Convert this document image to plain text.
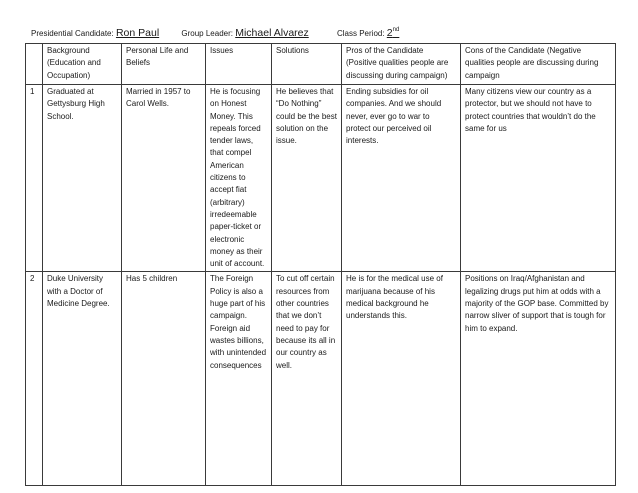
Presidential Candidate: Ron Paul	Group Leader: Michael Alvarez	Class Period: 2nd
	Background (Education and Occupation)	Personal Life and Beliefs	Issues	Solutions	Pros of the Candidate (Positive qualities people are discussing during campaign)	Cons of the Candidate (Negative qualities people are discussing during campaign
1	Graduated at Gettysburg High School.	Married in 1957 to Carol Wells.	He is focusing on Honest Money. This repeals forced tender laws, that compel American citizens to accept fiat (arbitrary) irredeemable paper-ticket or electronic money as their unit of account.	He believes that “Do Nothing” could be the best solution on the issue.	Ending subsidies for oil companies. And we should never, ever go to war to protect our perceived oil interests.	Many citizens view our country as a protector, but we should not have to protect countries that wouldn’t do the same for us
2	Duke University with a Doctor of Medicine Degree.	Has 5 children	The Foreign Policy is also a huge part of his campaign. Foreign aid wastes billions, with unintended consequences	To cut off certain resources from other countries that we don’t need to pay for because its all in our country as well.	He is for the medical use of marijuana because of his medical background he understands this.	Positions on Iraq/Afghanistan and legalizing drugs put him at odds with a majority of the GOP base. Committed by narrow sliver of support that is tough for him to expand.
